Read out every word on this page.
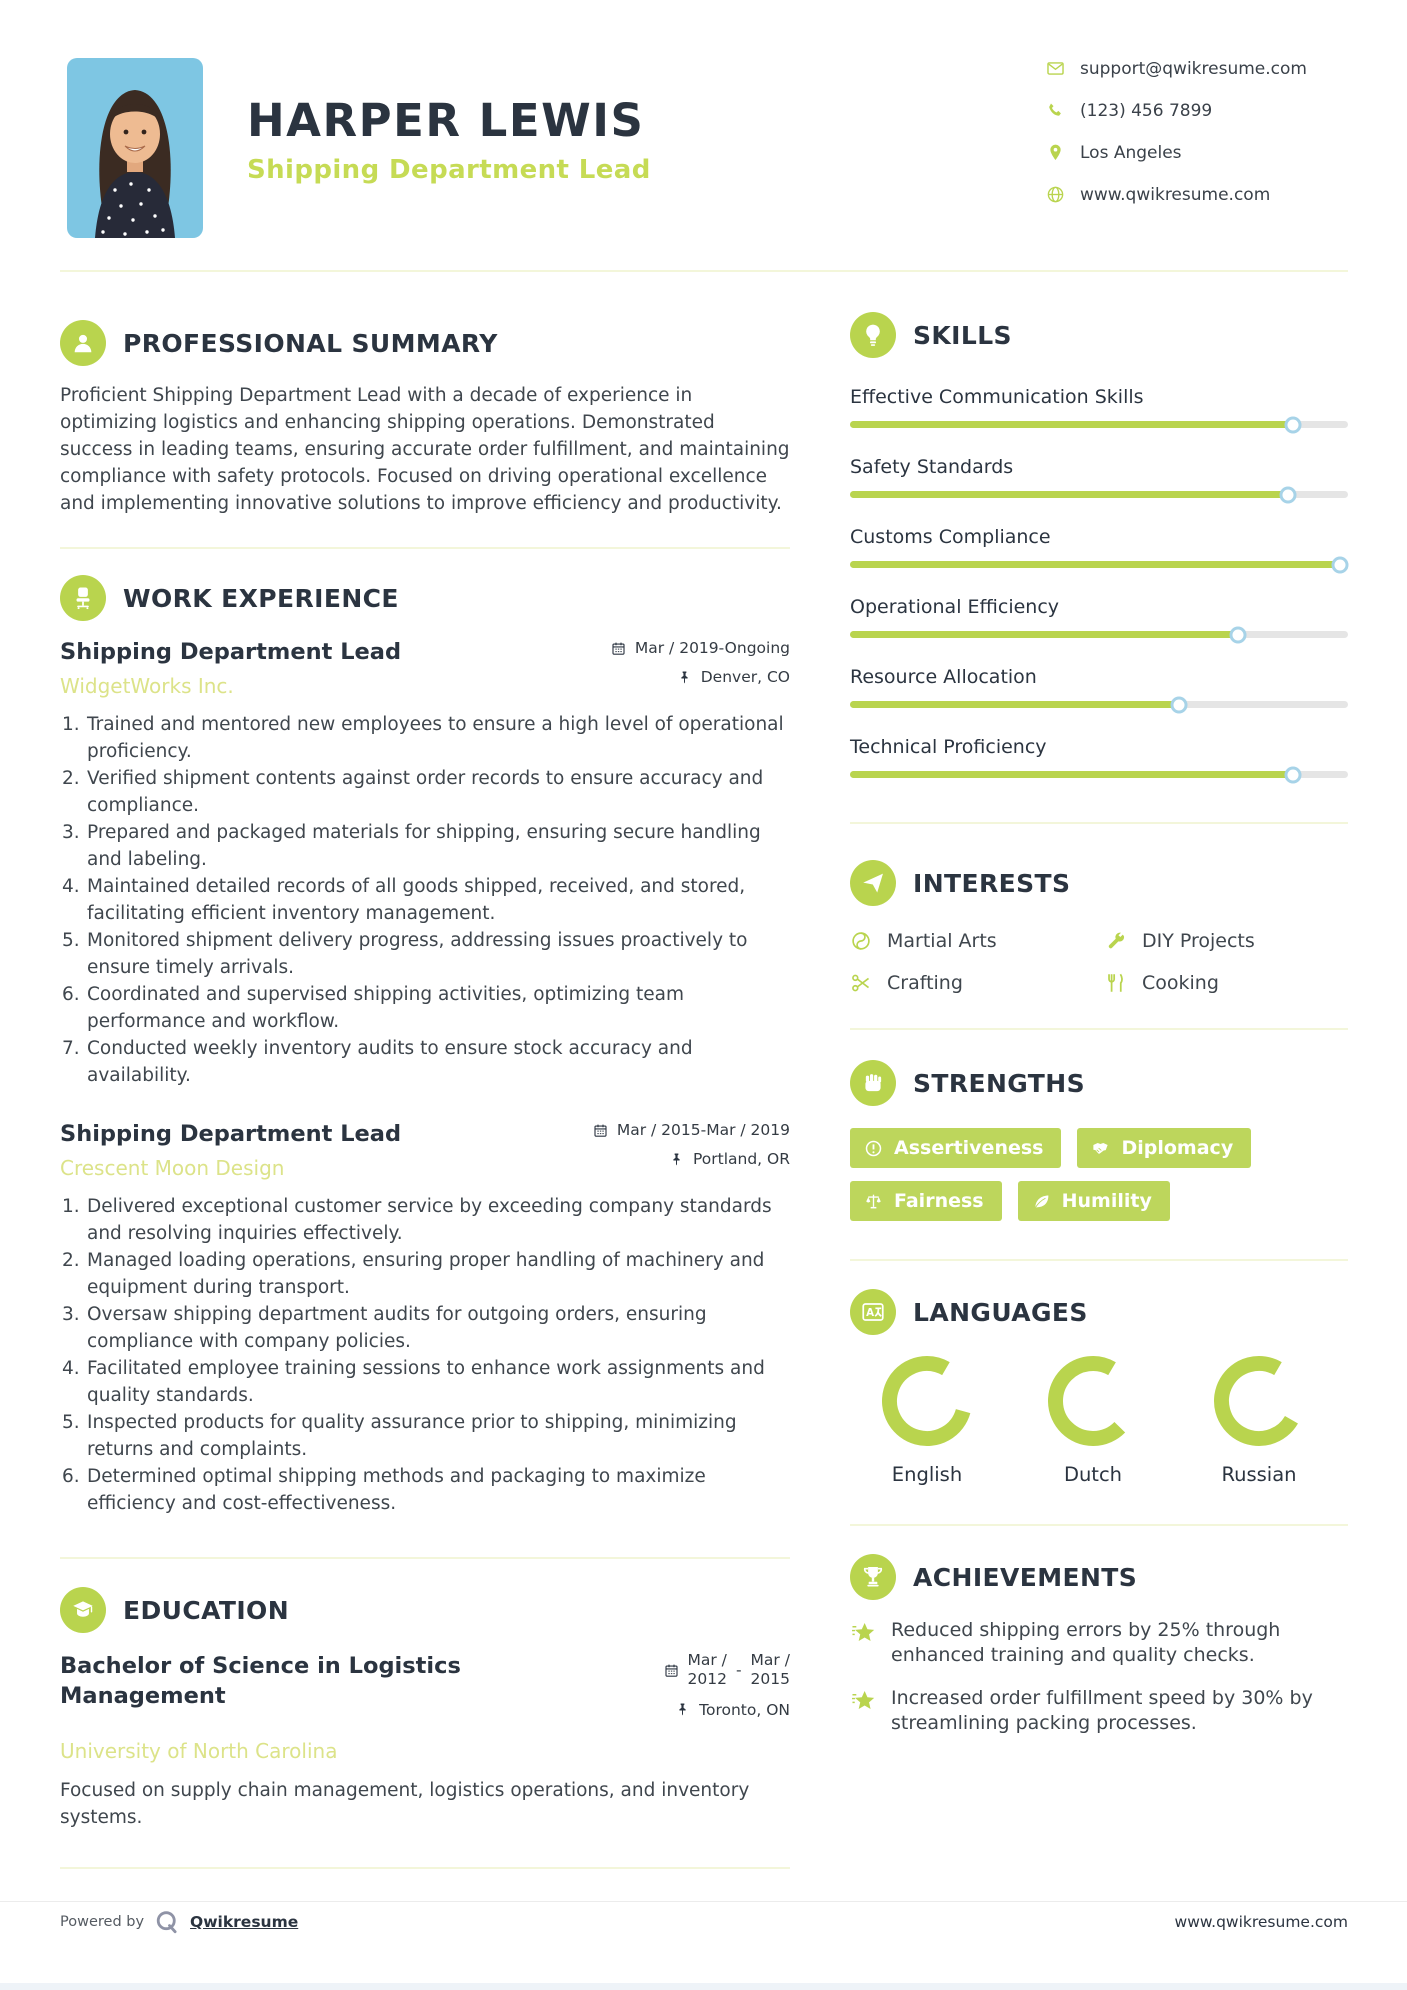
HARPER LEWIS
Shipping Department Lead
support@qwikresume.com
(123) 456 7899
Los Angeles
www.qwikresume.com
PROFESSIONAL SUMMARY
Proficient Shipping Department Lead with a decade of experience in optimizing logistics and enhancing shipping operations. Demonstrated success in leading teams, ensuring accurate order fulfillment, and maintaining compliance with safety protocols. Focused on driving operational excellence and implementing innovative solutions to improve efficiency and productivity.
WORK EXPERIENCE
Shipping Department Lead
WidgetWorks Inc.
Mar / 2019-Ongoing
Denver, CO
Trained and mentored new employees to ensure a high level of operational proficiency.
Verified shipment contents against order records to ensure accuracy and compliance.
Prepared and packaged materials for shipping, ensuring secure handling and labeling.
Maintained detailed records of all goods shipped, received, and stored, facilitating efficient inventory management.
Monitored shipment delivery progress, addressing issues proactively to ensure timely arrivals.
Coordinated and supervised shipping activities, optimizing team performance and workflow.
Conducted weekly inventory audits to ensure stock accuracy and availability.
Shipping Department Lead
Crescent Moon Design
Mar / 2015-Mar / 2019
Portland, OR
Delivered exceptional customer service by exceeding company standards and resolving inquiries effectively.
Managed loading operations, ensuring proper handling of machinery and equipment during transport.
Oversaw shipping department audits for outgoing orders, ensuring compliance with company policies.
Facilitated employee training sessions to enhance work assignments and quality standards.
Inspected products for quality assurance prior to shipping, minimizing returns and complaints.
Determined optimal shipping methods and packaging to maximize efficiency and cost-effectiveness.
EDUCATION
Bachelor of Science in Logistics Management
Mar /
2012 -
Mar /
2015
Toronto, ON
University of North Carolina
Focused on supply chain management, logistics operations, and inventory systems.
SKILLS
Effective Communication Skills
Safety Standards
Customs Compliance
Operational Efficiency
Resource Allocation
Technical Proficiency
INTERESTS
Martial Arts	DIY Projects
Crafting	Cooking
STRENGTHS
Assertiveness	Diplomacy
Fairness	Humility
A LANGUAGES
English	Dutch	Russian
ACHIEVEMENTS
Reduced shipping errors by 25% through enhanced training and quality checks.
Increased order fulfillment speed by 30% by streamlining packing processes.
Powered by	Qwikresume	www.qwikresume.com
